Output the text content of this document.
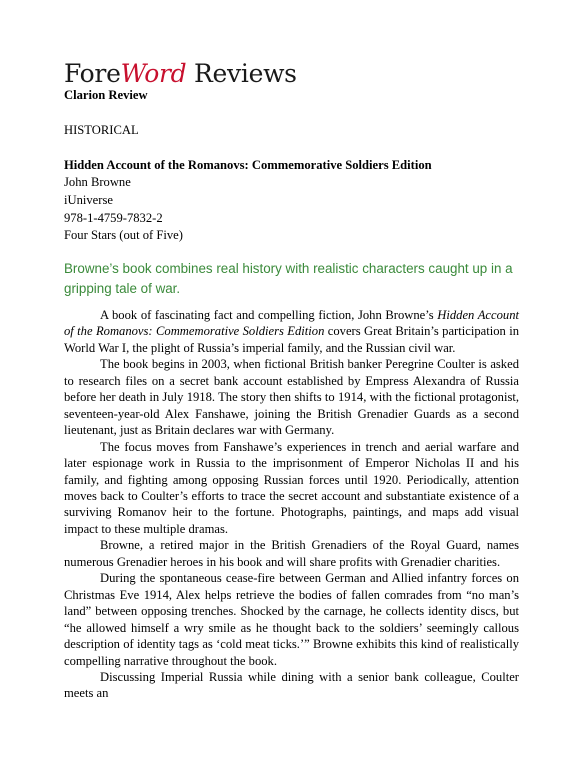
ForeWord Reviews
Clarion Review
HISTORICAL
Hidden Account of the Romanovs: Commemorative Soldiers Edition
John Browne
iUniverse
978-1-4759-7832-2
Four Stars (out of Five)
Browne’s book combines real history with realistic characters caught up in a gripping tale of war.

A book of fascinating fact and compelling fiction, John Browne’s Hidden Account of the Romanovs: Commemorative Soldiers Edition covers Great Britain’s participation in World War I, the plight of Russia’s imperial family, and the Russian civil war.

The book begins in 2003, when fictional British banker Peregrine Coulter is asked to research files on a secret bank account established by Empress Alexandra of Russia before her death in July 1918. The story then shifts to 1914, with the fictional protagonist, seventeen-year-old Alex Fanshawe, joining the British Grenadier Guards as a second lieutenant, just as Britain declares war with Germany.

The focus moves from Fanshawe’s experiences in trench and aerial warfare and later espionage work in Russia to the imprisonment of Emperor Nicholas II and his family, and fighting among opposing Russian forces until 1920. Periodically, attention moves back to Coulter’s efforts to trace the secret account and substantiate existence of a surviving Romanov heir to the fortune. Photographs, paintings, and maps add visual impact to these multiple dramas.

Browne, a retired major in the British Grenadiers of the Royal Guard, names numerous Grenadier heroes in his book and will share profits with Grenadier charities.

During the spontaneous cease-fire between German and Allied infantry forces on Christmas Eve 1914, Alex helps retrieve the bodies of fallen comrades from “no man’s land” between opposing trenches. Shocked by the carnage, he collects identity discs, but “he allowed himself a wry smile as he thought back to the soldiers’ seemingly callous description of identity tags as ‘cold meat ticks.’” Browne exhibits this kind of realistically compelling narrative throughout the book.

Discussing Imperial Russia while dining with a senior bank colleague, Coulter meets an
